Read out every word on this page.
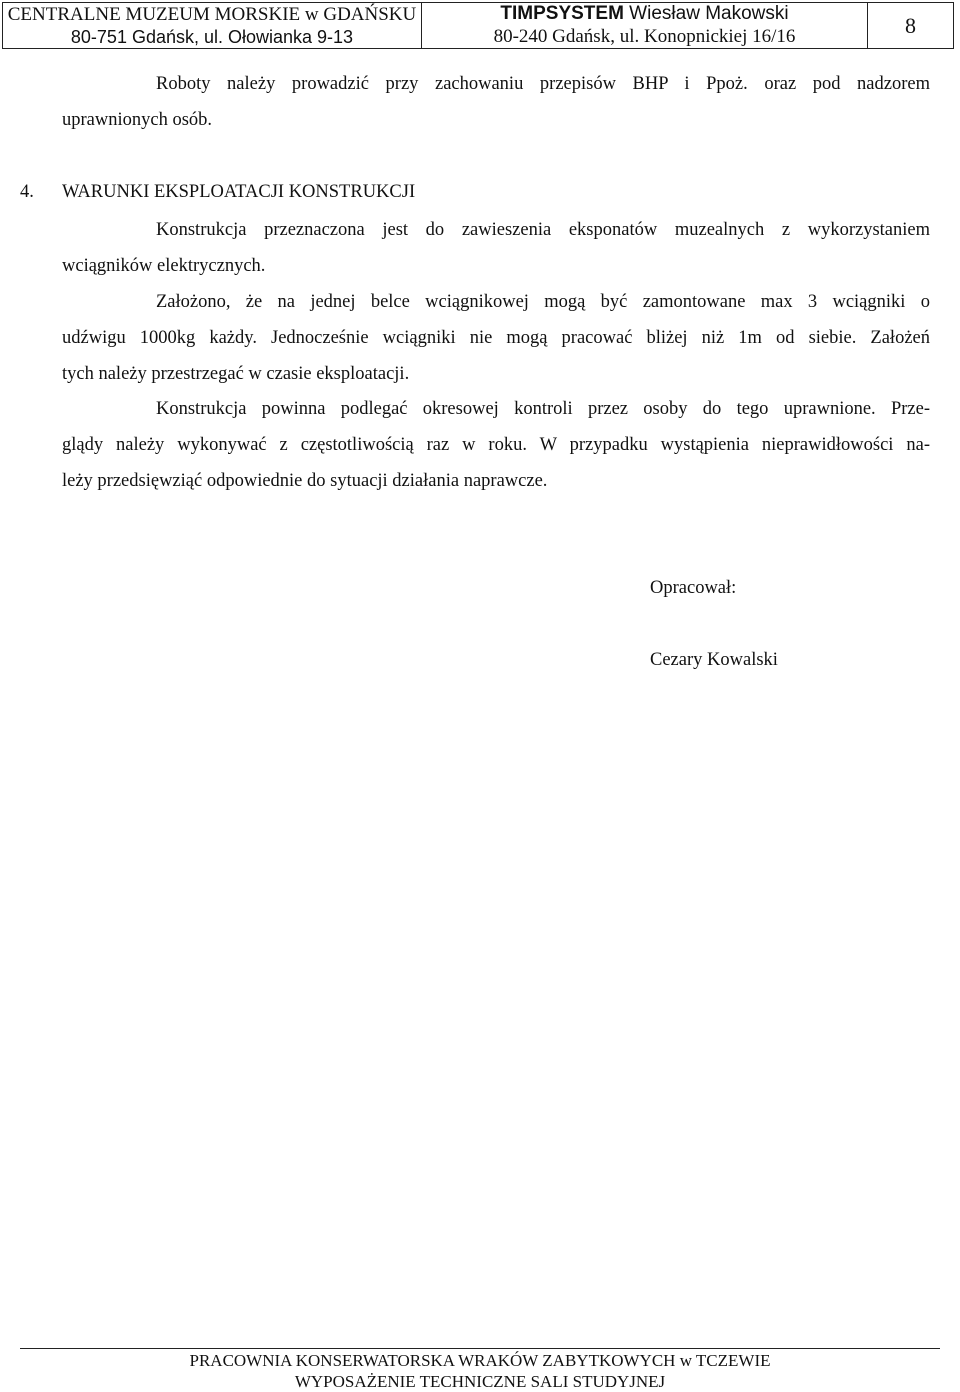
CENTRALNE MUZEUM MORSKIE w GDAŃSKU
80-751 Gdańsk, ul. Ołowianka 9-13

TIMPSYSTEM Wiesław Makowski
80-240 Gdańsk, ul. Konopnickiej 16/16	8
Roboty należy prowadzić przy zachowaniu przepisów BHP i Ppoż. oraz pod nadzorem
uprawnionych osób.
4. WARUNKI EKSPLOATACJI KONSTRUKCJI
Konstrukcja przeznaczona jest do zawieszenia eksponatów muzealnych z wykorzystaniem
wciągników elektrycznych.
Założono, że na jednej belce wciągnikowej mogą być zamontowane max 3 wciągniki o
udźwigu 1000kg każdy. Jednocześnie wciągniki nie mogą pracować bliżej niż 1m od siebie. Założeń
tych należy przestrzegać w czasie eksploatacji.
Konstrukcja powinna podlegać okresowej kontroli przez osoby do tego uprawnione. Prze-
glądy należy wykonywać z częstotliwością raz w roku. W przypadku wystąpienia nieprawidłowości na-
leży przedsięwziąć odpowiednie do sytuacji działania naprawcze.
Opracował:
Cezary Kowalski
PRACOWNIA KONSERWATORSKA WRAKÓW ZABYTKOWYCH w TCZEWIE
WYPOSAŻENIE TECHNICZNE SALI STUDYJNEJ
